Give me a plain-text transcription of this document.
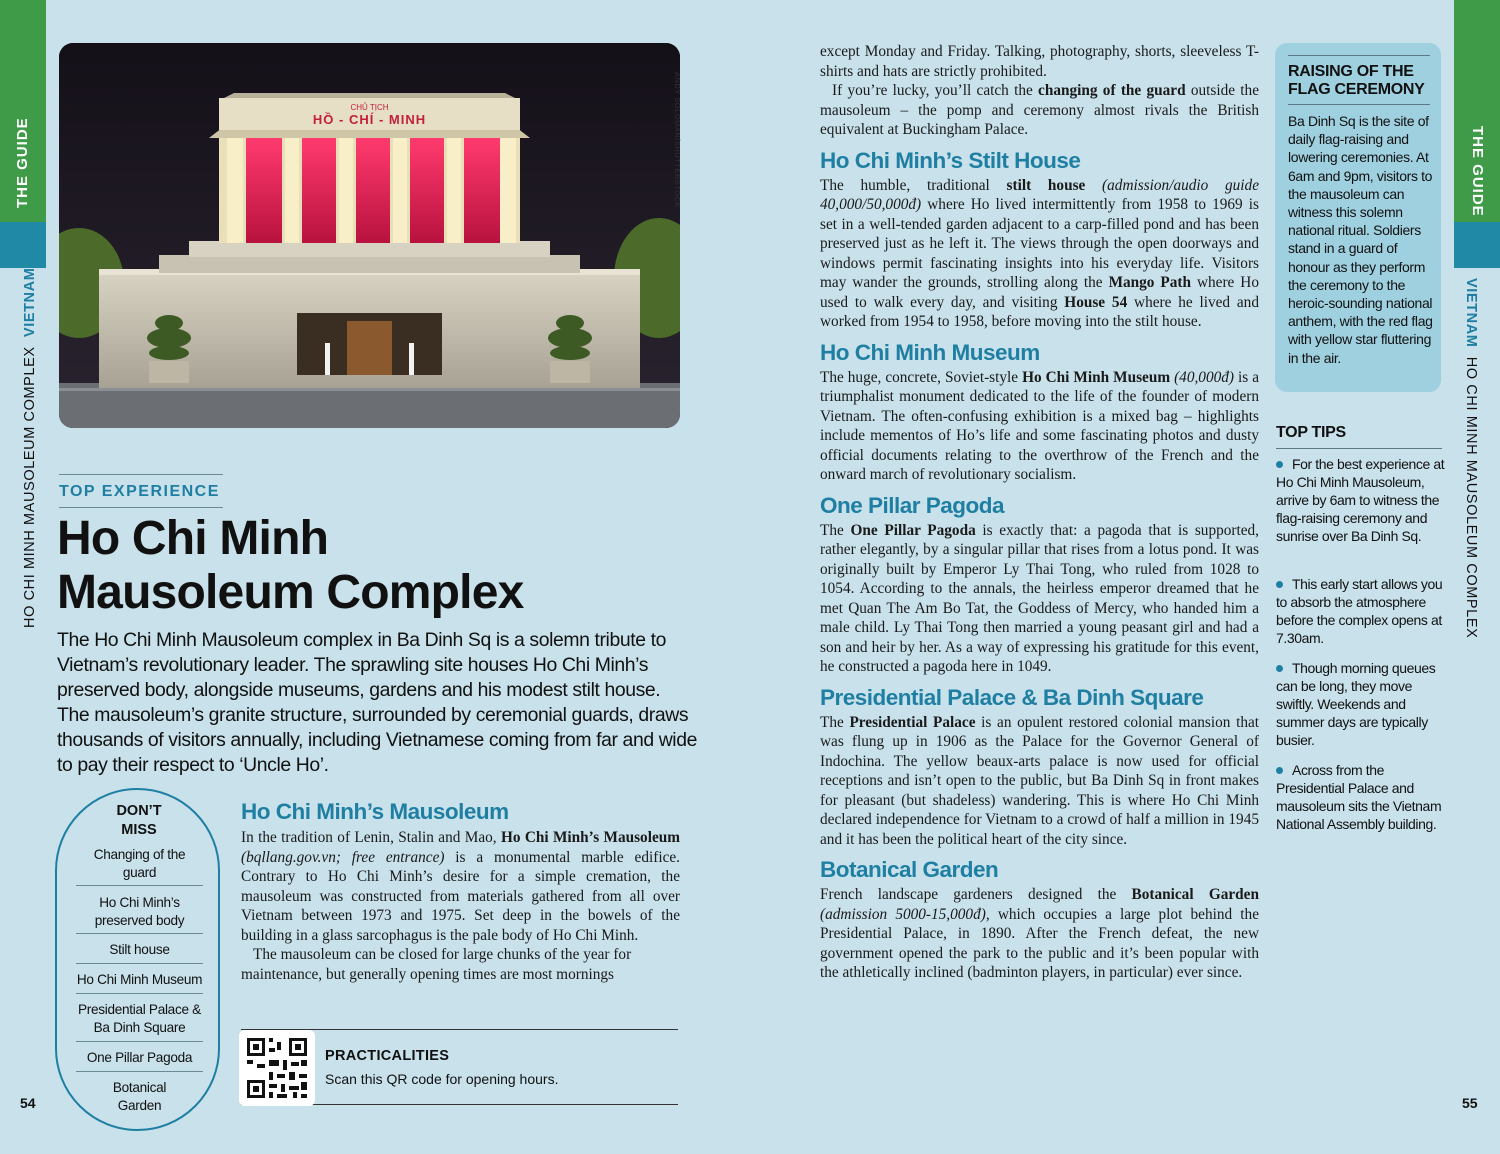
THE GUIDE
HO CHI MINH MAUSOLEUM COMPLEX  VIETNAM
THE GUIDE
VIETNAM  HO CHI MINH MAUSOLEUM COMPLEX
54	55
CHỦ TỊCH
HỒ - CHÍ - MINH	ANDY SOLOMAN/SHUTTERSTOCK
TOP EXPERIENCE
Ho Chi Minh
Mausoleum Complex
The Ho Chi Minh Mausoleum complex in Ba Dinh Sq is a solemn tribute to Vietnam’s revolutionary leader. The sprawling site houses Ho Chi Minh’s preserved body, alongside museums, gardens and his modest stilt house. The mausoleum’s granite structure, surrounded by ceremonial guards, draws thousands of visitors annually, including Vietnamese coming from far and wide to pay their respect to ‘Uncle Ho’.
DON’T MISS
Changing of the guard
Ho Chi Minh’s preserved body
Stilt house
Ho Chi Minh Museum
Presidential Palace & Ba Dinh Square
One Pillar Pagoda
Botanical Garden
Ho Chi Minh’s Mausoleum

In the tradition of Lenin, Stalin and Mao, Ho Chi Minh’s Mausoleum (bqllang.gov.vn; free entrance) is a monumental marble edifice. Contrary to Ho Chi Minh’s desire for a simple cremation, the mausoleum was constructed from materials gathered from all over Vietnam between 1973 and 1975. Set deep in the bowels of the building in a glass sarcophagus is the pale body of Ho Chi Minh.

The mausoleum can be closed for large chunks of the year for maintenance, but generally opening times are most mornings

PRACTICALITIES
Scan this QR code for opening hours.

except Monday and Friday. Talking, photography, shorts, sleeveless T-shirts and hats are strictly prohibited.

If you’re lucky, you’ll catch the changing of the guard outside the mausoleum – the pomp and ceremony almost rivals the British equivalent at Buckingham Palace.

Ho Chi Minh’s Stilt House

The humble, traditional stilt house (admission/audio guide 40,000/50,000đ) where Ho lived intermittently from 1958 to 1969 is set in a well-tended garden adjacent to a carp-filled pond and has been preserved just as he left it. The views through the open doorways and windows permit fascinating insights into his everyday life. Visitors may wander the grounds, strolling along the Mango Path where Ho used to walk every day, and visiting House 54 where he lived and worked from 1954 to 1958, before moving into the stilt house.

Ho Chi Minh Museum

The huge, concrete, Soviet-style Ho Chi Minh Museum (40,000đ) is a triumphalist monument dedicated to the life of the founder of modern Vietnam. The often-confusing exhibition is a mixed bag – highlights include mementos of Ho’s life and some fascinating photos and dusty official documents relating to the overthrow of the French and the onward march of revolutionary socialism.

One Pillar Pagoda

The One Pillar Pagoda is exactly that: a pagoda that is supported, rather elegantly, by a singular pillar that rises from a lotus pond. It was originally built by Emperor Ly Thai Tong, who ruled from 1028 to 1054. According to the annals, the heirless emperor dreamed that he met Quan The Am Bo Tat, the Goddess of Mercy, who handed him a male child. Ly Thai Tong then married a young peasant girl and had a son and heir by her. As a way of expressing his gratitude for this event, he constructed a pagoda here in 1049.

Presidential Palace & Ba Dinh Square

The Presidential Palace is an opulent restored colonial mansion that was flung up in 1906 as the Palace for the Governor General of Indochina. The yellow beaux-arts palace is now used for official receptions and isn’t open to the public, but Ba Dinh Sq in front makes for pleasant (but shadeless) wandering. This is where Ho Chi Minh declared independence for Vietnam to a crowd of half a million in 1945 and it has been the political heart of the city since.

Botanical Garden

French landscape gardeners designed the Botanical Garden (admission 5000-15,000đ), which occupies a large plot behind the Presidential Palace, in 1890. After the French defeat, the new government opened the park to the public and it’s been popular with the athletically inclined (badminton players, in particular) ever since.

RAISING OF THE FLAG CEREMONY
Ba Dinh Sq is the site of daily flag-raising and lowering ceremonies. At 6am and 9pm, visitors to the mausoleum can witness this solemn national ritual. Soldiers stand in a guard of honour as they perform the ceremony to the heroic-sounding national anthem, with the red flag with yellow star fluttering in the air.
TOP TIPS
For the best experience at Ho Chi Minh Mausoleum, arrive by 6am to witness the flag-raising ceremony and sunrise over Ba Dinh Sq.
This early start allows you to absorb the atmosphere before the complex opens at 7.30am.
Though morning queues can be long, they move swiftly. Weekends and summer days are typically busier.
Across from the Presidential Palace and mausoleum sits the Vietnam National Assembly building.
